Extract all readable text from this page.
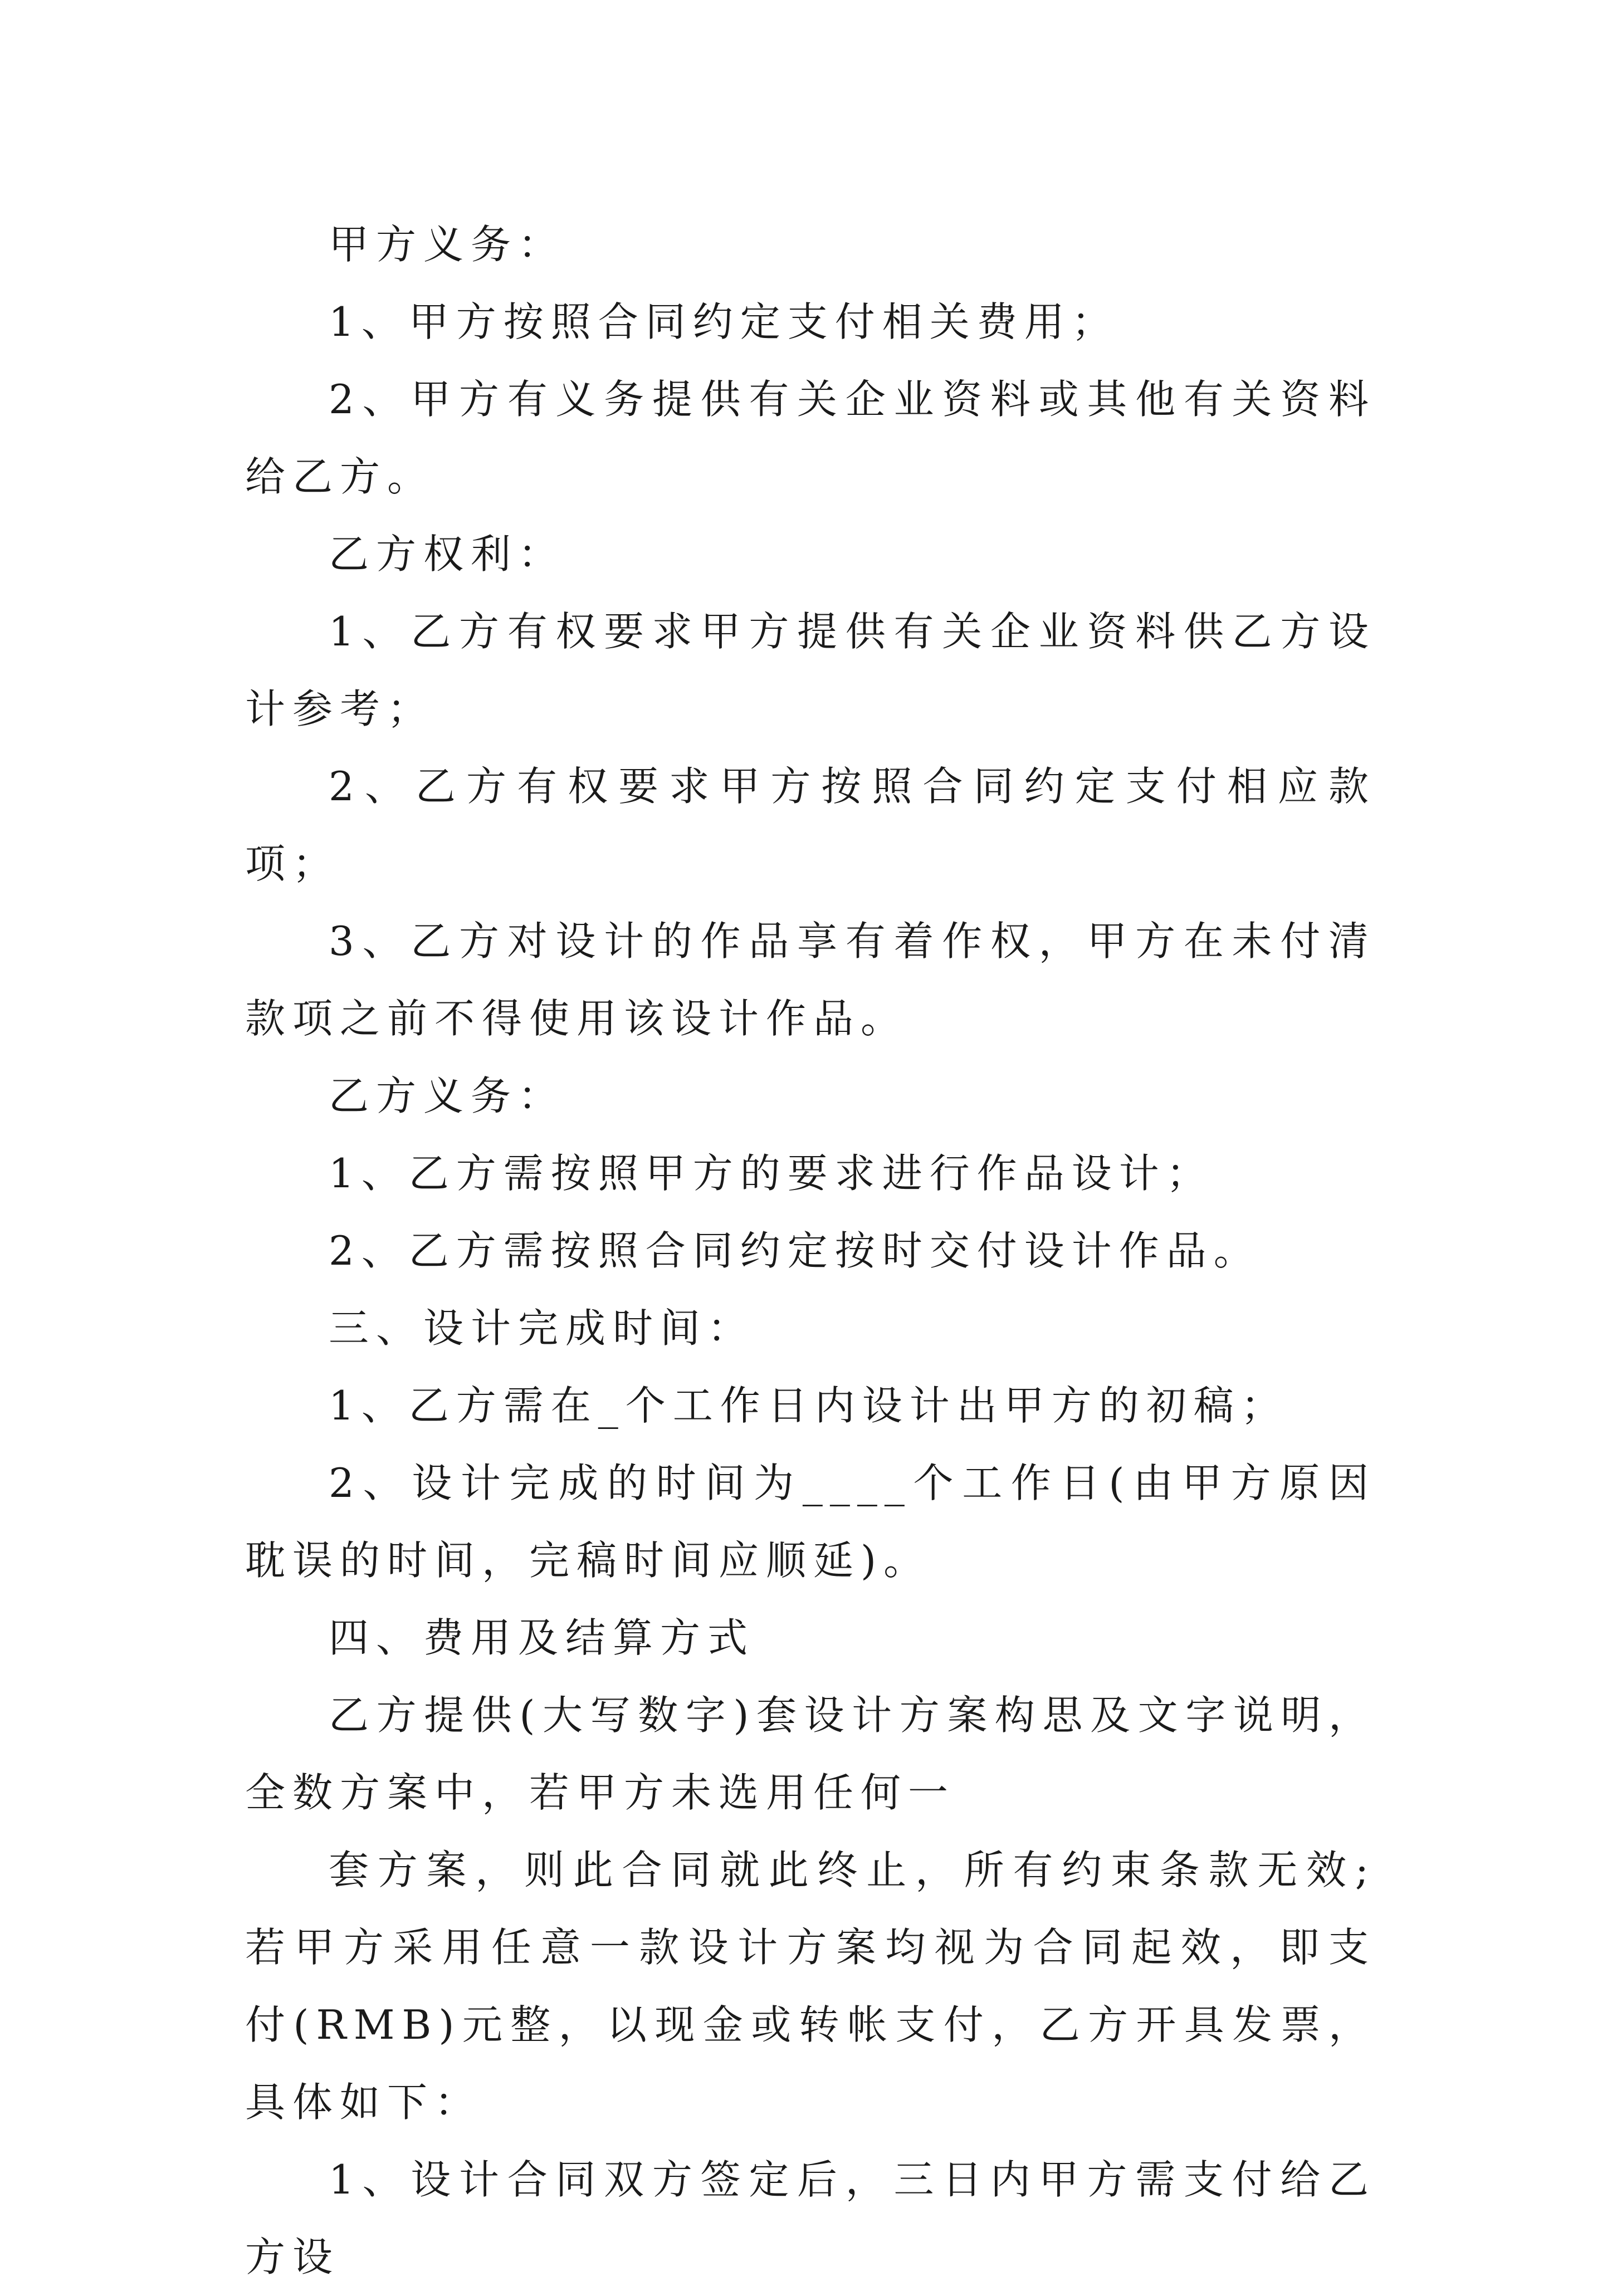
甲方义务：

1、甲方按照合同约定支付相关费用；

2、甲方有义务提供有关企业资料或其他有关资料给乙方。

乙方权利：

1、乙方有权要求甲方提供有关企业资料供乙方设计参考；

2、乙方有权要求甲方按照合同约定支付相应款项；

3、乙方对设计的作品享有着作权，甲方在未付清款项之前不得使用该设计作品。

乙方义务：

1、乙方需按照甲方的要求进行作品设计；

2、乙方需按照合同约定按时交付设计作品。

三、设计完成时间：

1、乙方需在_个工作日内设计出甲方的初稿；

2、设计完成的时间为____个工作日(由甲方原因耽误的时间，完稿时间应顺延)。

四、费用及结算方式

乙方提供(大写数字)套设计方案构思及文字说明，全数方案中，若甲方未选用任何一

套方案，则此合同就此终止，所有约束条款无效;若甲方采用任意一款设计方案均视为合同起效，即支付(RMB)元整，以现金或转帐支付，乙方开具发票，具体如下：

1、设计合同双方签定后，三日内甲方需支付给乙方设
